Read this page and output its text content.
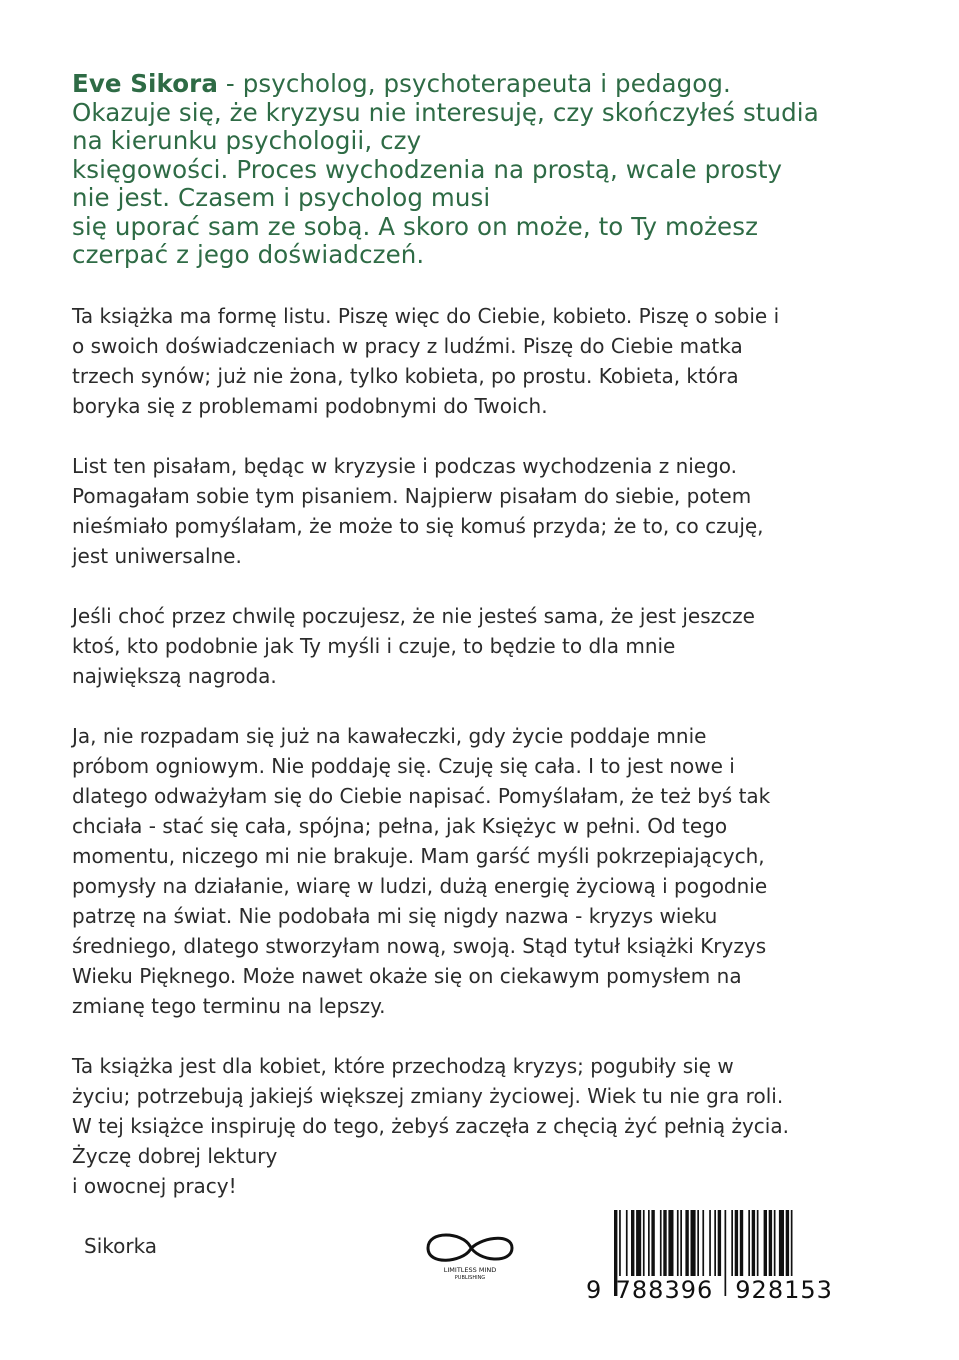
Eve Sikora - psycholog, psychoterapeuta i pedagog.
Okazuje się, że kryzysu nie interesuję, czy skończyłeś studia
na kierunku psychologii, czy
księgowości. Proces wychodzenia na prostą, wcale prosty
nie jest. Czasem i psycholog musi
się uporać sam ze sobą. A skoro on może, to Ty możesz
czerpać z jego doświadczeń.
Ta książka ma formę listu. Piszę więc do Ciebie, kobieto. Piszę o sobie i
o swoich doświadczeniach w pracy z ludźmi. Piszę do Ciebie matka
trzech synów; już nie żona, tylko kobieta, po prostu. Kobieta, która
boryka się z problemami podobnymi do Twoich.
List ten pisałam, będąc w kryzysie i podczas wychodzenia z niego.
Pomagałam sobie tym pisaniem. Najpierw pisałam do siebie, potem
nieśmiało pomyślałam, że może to się komuś przyda; że to, co czuję,
jest uniwersalne.
Jeśli choć przez chwilę poczujesz, że nie jesteś sama, że jest jeszcze
ktoś, kto podobnie jak Ty myśli i czuje, to będzie to dla mnie
największą nagroda.
Ja, nie rozpadam się już na kawałeczki, gdy życie poddaje mnie
próbom ogniowym. Nie poddaję się. Czuję się cała. I to jest nowe i
dlatego odważyłam się do Ciebie napisać. Pomyślałam, że też byś tak
chciała - stać się cała, spójna; pełna, jak Księżyc w pełni. Od tego
momentu, niczego mi nie brakuje. Mam garść myśli pokrzepiających,
pomysły na działanie, wiarę w ludzi, dużą energię życiową i pogodnie
patrzę na świat. Nie podobała mi się nigdy nazwa - kryzys wieku
średniego, dlatego stworzyłam nową, swoją. Stąd tytuł książki Kryzys
Wieku Pięknego. Może nawet okaże się on ciekawym pomysłem na
zmianę tego terminu na lepszy.
Ta książka jest dla kobiet, które przechodzą kryzys; pogubiły się w
życiu; potrzebują jakiejś większej zmiany życiowej. Wiek tu nie gra roli.
W tej książce inspiruję do tego, żebyś zaczęła z chęcią żyć pełnią życia.
Życzę dobrej lektury
i owocnej pracy!
Sikorka
LIMITLESS MIND
PUBLISHING	9 788396 928153
